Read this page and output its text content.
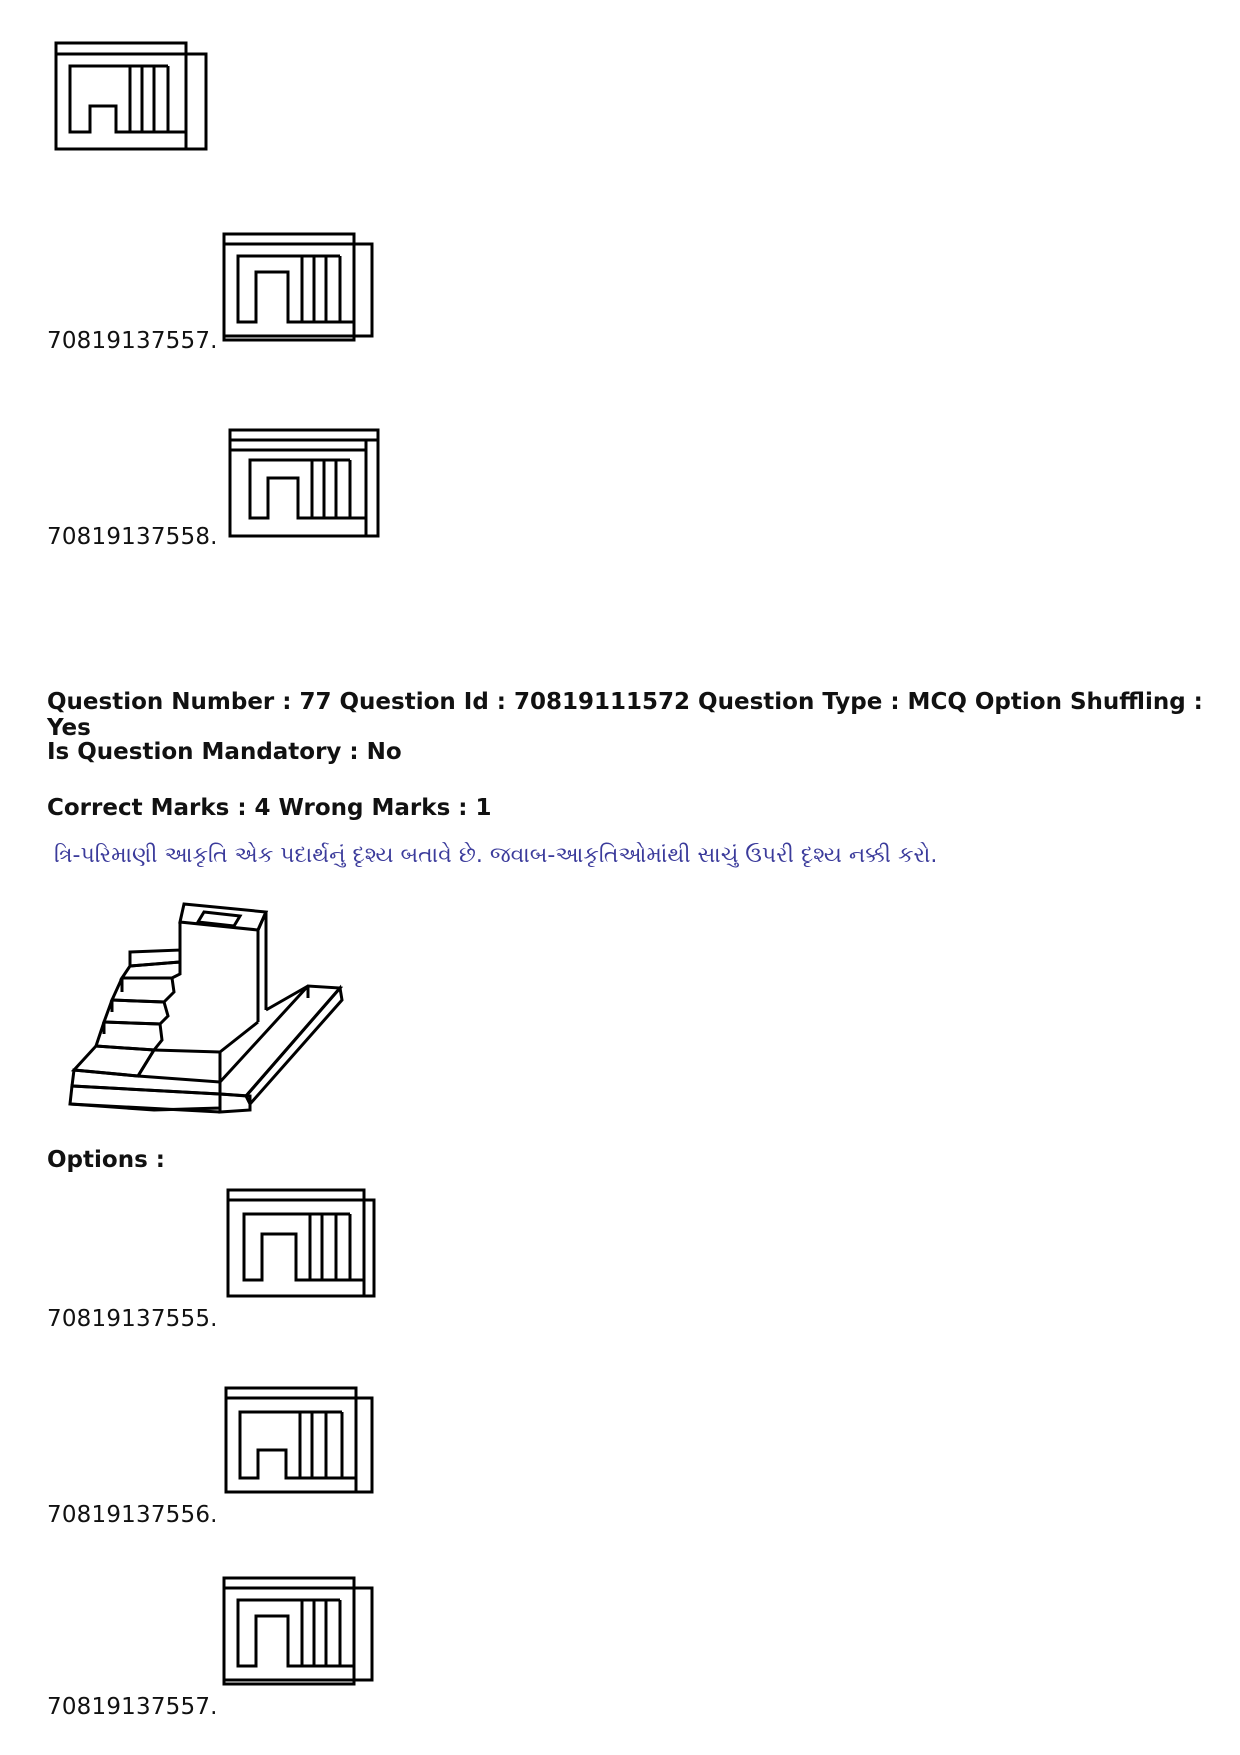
70819137557.
70819137558.
Question Number : 77 Question Id : 70819111572 Question Type : MCQ Option Shuffling : Yes
Is Question Mandatory : No
Correct Marks : 4 Wrong Marks : 1
ત્રિ-પરિમાણી આકૃતિ એક પદાર્થનું દૃશ્ય બતાવે છે. જવાબ-આકૃતિઓમાંથી સાચું ઉપરી દૃશ્ય નક્કી કરો.
Options :
70819137555.
70819137556.
70819137557.
